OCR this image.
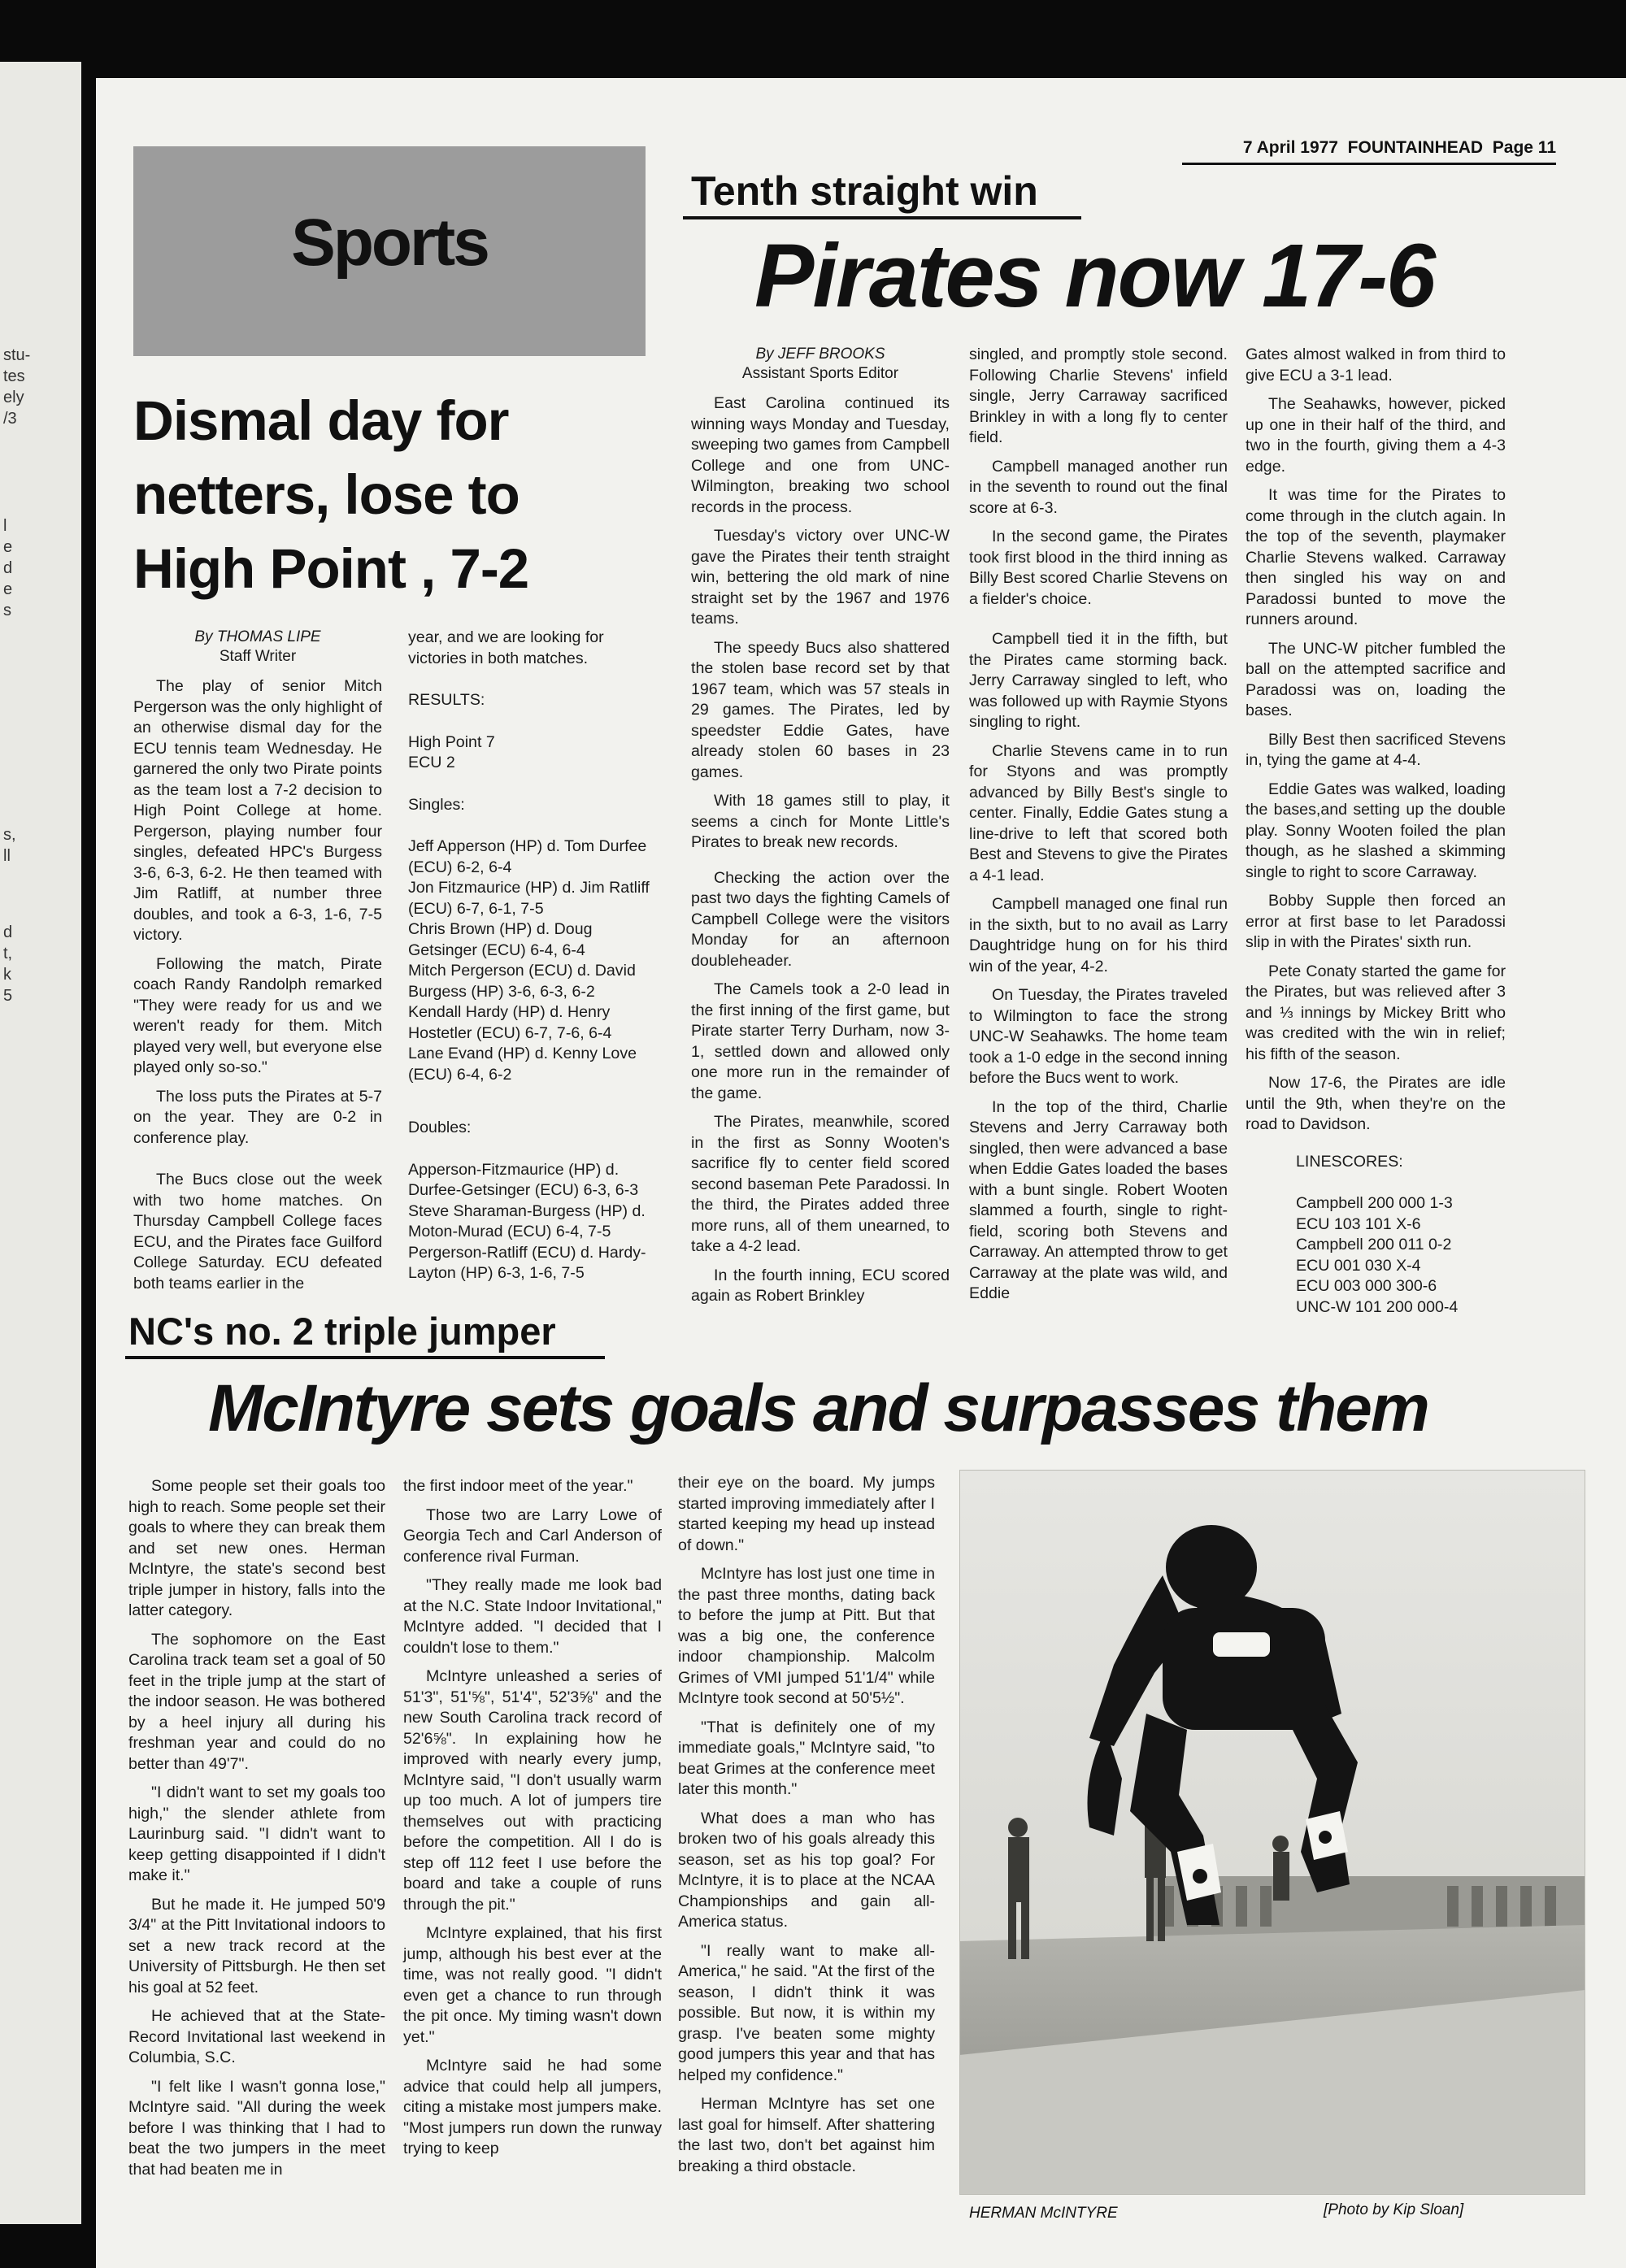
stu-
tes
ely
/3
l
e
d
e
s
s,
ll
d
t,
k
5
7 April 1977 FOUNTAINHEAD Page 11
Sports
Dismal day for
netters, lose to
High Point , 7-2
By THOMAS LIPE
Staff Writer

The play of senior Mitch Pergerson was the only highlight of an otherwise dismal day for the ECU tennis team Wednesday. He garnered the only two Pirate points as the team lost a 7-2 decision to High Point College at home. Pergerson, playing number four singles, defeated HPC's Burgess 3-6, 6-3, 6-2. He then teamed with Jim Ratliff, at number three doubles, and took a 6-3, 1-6, 7-5 victory.

Following the match, Pirate coach Randy Randolph remarked "They were ready for us and we weren't ready for them. Mitch played very well, but everyone else played only so-so."

The loss puts the Pirates at 5-7 on the year. They are 0-2 in conference play.

The Bucs close out the week with two home matches. On Thursday Campbell College faces ECU, and the Pirates face Guilford College Saturday. ECU defeated both teams earlier in the

year, and we are looking for victories in both matches.

RESULTS:

High Point 7

ECU 2

Singles:

Jeff Apperson (HP) d. Tom Durfee (ECU) 6-2, 6-4

Jon Fitzmaurice (HP) d. Jim Ratliff (ECU) 6-7, 6-1, 7-5

Chris Brown (HP) d. Doug Getsinger (ECU) 6-4, 6-4

Mitch Pergerson (ECU) d. David Burgess (HP) 3-6, 6-3, 6-2

Kendall Hardy (HP) d. Henry Hostetler (ECU) 6-7, 7-6, 6-4

Lane Evand (HP) d. Kenny Love (ECU) 6-4, 6-2

Doubles:

Apperson-Fitzmaurice (HP) d. Durfee-Getsinger (ECU) 6-3, 6-3

Steve Sharaman-Burgess (HP) d. Moton-Murad (ECU) 6-4, 7-5

Pergerson-Ratliff (ECU) d. Hardy-Layton (HP) 6-3, 1-6, 7-5

Tenth straight win
Pirates now 17-6
By JEFF BROOKS
Assistant Sports Editor

East Carolina continued its winning ways Monday and Tuesday, sweeping two games from Campbell College and one from UNC-Wilmington, breaking two school records in the process.

Tuesday's victory over UNC-W gave the Pirates their tenth straight win, bettering the old mark of nine straight set by the 1967 and 1976 teams.

The speedy Bucs also shattered the stolen base record set by that 1967 team, which was 57 steals in 29 games. The Pirates, led by speedster Eddie Gates, have already stolen 60 bases in 23 games.

With 18 games still to play, it seems a cinch for Monte Little's Pirates to break new records.

Checking the action over the past two days the fighting Camels of Campbell College were the visitors Monday for an afternoon doubleheader.

The Camels took a 2-0 lead in the first inning of the first game, but Pirate starter Terry Durham, now 3-1, settled down and allowed only one more run in the remainder of the game.

The Pirates, meanwhile, scored in the first as Sonny Wooten's sacrifice fly to center field scored second baseman Pete Paradossi. In the third, the Pirates added three more runs, all of them unearned, to take a 4-2 lead.

In the fourth inning, ECU scored again as Robert Brinkley

singled, and promptly stole second. Following Charlie Stevens' infield single, Jerry Carraway sacrificed Brinkley in with a long fly to center field.

Campbell managed another run in the seventh to round out the final score at 6-3.

In the second game, the Pirates took first blood in the third inning as Billy Best scored Charlie Stevens on a fielder's choice.

Campbell tied it in the fifth, but the Pirates came storming back. Jerry Carraway singled to left, who was followed up with Raymie Styons singling to right.

Charlie Stevens came in to run for Styons and was promptly advanced by Billy Best's single to center. Finally, Eddie Gates stung a line-drive to left that scored both Best and Stevens to give the Pirates a 4-1 lead.

Campbell managed one final run in the sixth, but to no avail as Larry Daughtridge hung on for his third win of the year, 4-2.

On Tuesday, the Pirates traveled to Wilmington to face the strong UNC-W Seahawks. The home team took a 1-0 edge in the second inning before the Bucs went to work.

In the top of the third, Charlie Stevens and Jerry Carraway both singled, then were advanced a base when Eddie Gates loaded the bases with a bunt single. Robert Wooten slammed a fourth, single to right-field, scoring both Stevens and Carraway. An attempted throw to get Carraway at the plate was wild, and Eddie

Gates almost walked in from third to give ECU a 3-1 lead.

The Seahawks, however, picked up one in their half of the third, and two in the fourth, giving them a 4-3 edge.

It was time for the Pirates to come through in the clutch again. In the top of the seventh, playmaker Charlie Stevens walked. Carraway then singled his way on and Paradossi bunted to move the runners around.

The UNC-W pitcher fumbled the ball on the attempted sacrifice and Paradossi was on, loading the bases.

Billy Best then sacrificed Stevens in, tying the game at 4-4.

Eddie Gates was walked, loading the bases,and setting up the double play. Sonny Wooten foiled the plan though, as he slashed a skimming single to right to score Carraway.

Bobby Supple then forced an error at first base to let Paradossi slip in with the Pirates' sixth run.

Pete Conaty started the game for the Pirates, but was relieved after 3 and ⅓ innings by Mickey Britt who was credited with the win in relief; his fifth of the season.

Now 17-6, the Pirates are idle until the 9th, when they're on the road to Davidson.

LINESCORES:

Campbell 200 000 1-3

ECU 103 101 X-6

Campbell 200 011 0-2

ECU 001 030 X-4

ECU 003 000 300-6

UNC-W 101 200 000-4

NC's no. 2 triple jumper
McIntyre sets goals and surpasses them

Some people set their goals too high to reach. Some people set their goals to where they can break them and set new ones. Herman McIntyre, the state's second best triple jumper in history, falls into the latter category.

The sophomore on the East Carolina track team set a goal of 50 feet in the triple jump at the start of the indoor season. He was bothered by a heel injury all during his freshman year and could do no better than 49'7".

"I didn't want to set my goals too high," the slender athlete from Laurinburg said. "I didn't want to keep getting disappointed if I didn't make it."

But he made it. He jumped 50'9 3/4" at the Pitt Invitational indoors to set a new track record at the University of Pittsburgh. He then set his goal at 52 feet.

He achieved that at the State-Record Invitational last weekend in Columbia, S.C.

"I felt like I wasn't gonna lose," McIntyre said. "All during the week before I was thinking that I had to beat the two jumpers in the meet that had beaten me in

the first indoor meet of the year."

Those two are Larry Lowe of Georgia Tech and Carl Anderson of conference rival Furman.

"They really made me look bad at the N.C. State Indoor Invitational," McIntyre added. "I decided that I couldn't lose to them."

McIntyre unleashed a series of 51'3", 51'⅝", 51'4", 52'3⅝" and the new South Carolina track record of 52'6⅝". In explaining how he improved with nearly every jump, McIntyre said, "I don't usually warm up too much. A lot of jumpers tire themselves out with practicing before the competition. All I do is step off 112 feet I use before the board and take a couple of runs through the pit."

McIntyre explained, that his first jump, although his best ever at the time, was not really good. "I didn't even get a chance to run through the pit once. My timing wasn't down yet."

McIntyre said he had some advice that could help all jumpers, citing a mistake most jumpers make. "Most jumpers run down the runway trying to keep

their eye on the board. My jumps started improving immediately after I started keeping my head up instead of down."

McIntyre has lost just one time in the past three months, dating back to before the jump at Pitt. But that was a big one, the conference indoor championship. Malcolm Grimes of VMI jumped 51'1/4" while McIntyre took second at 50'5½".

"That is definitely one of my immediate goals," McIntyre said, "to beat Grimes at the conference meet later this month."

What does a man who has broken two of his goals already this season, set as his top goal? For McIntyre, it is to place at the NCAA Championships and gain all-America status.

"I really want to make all-America," he said. "At the first of the season, I didn't think it was possible. But now, it is within my grasp. I've beaten some mighty good jumpers this year and that has helped my confidence."

Herman McIntyre has set one last goal for himself. After shattering the last two, don't bet against him breaking a third obstacle.

HERMAN McINTYRE	[Photo by Kip Sloan]
